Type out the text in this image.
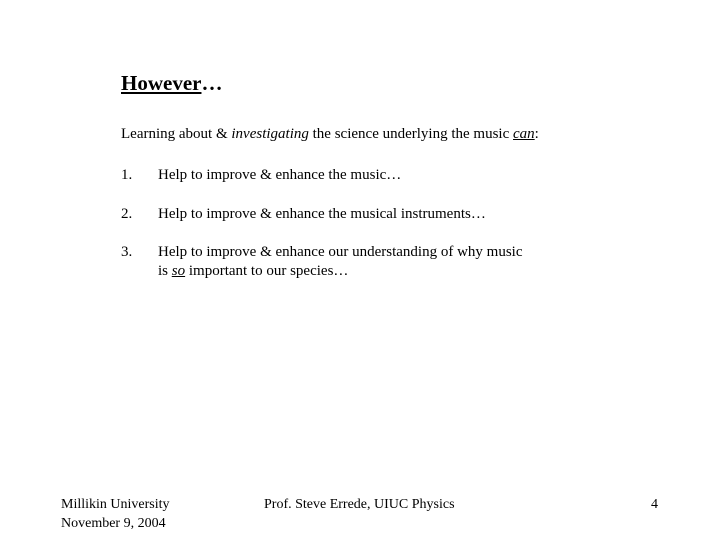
However…
Learning about & investigating the science underlying the music can:
1. Help to improve & enhance the music…
2. Help to improve & enhance the musical instruments…
3. Help to improve & enhance our understanding of why music
is so important to our species…
Millikin University
November 9, 2004
Prof. Steve Errede, UIUC Physics	4
